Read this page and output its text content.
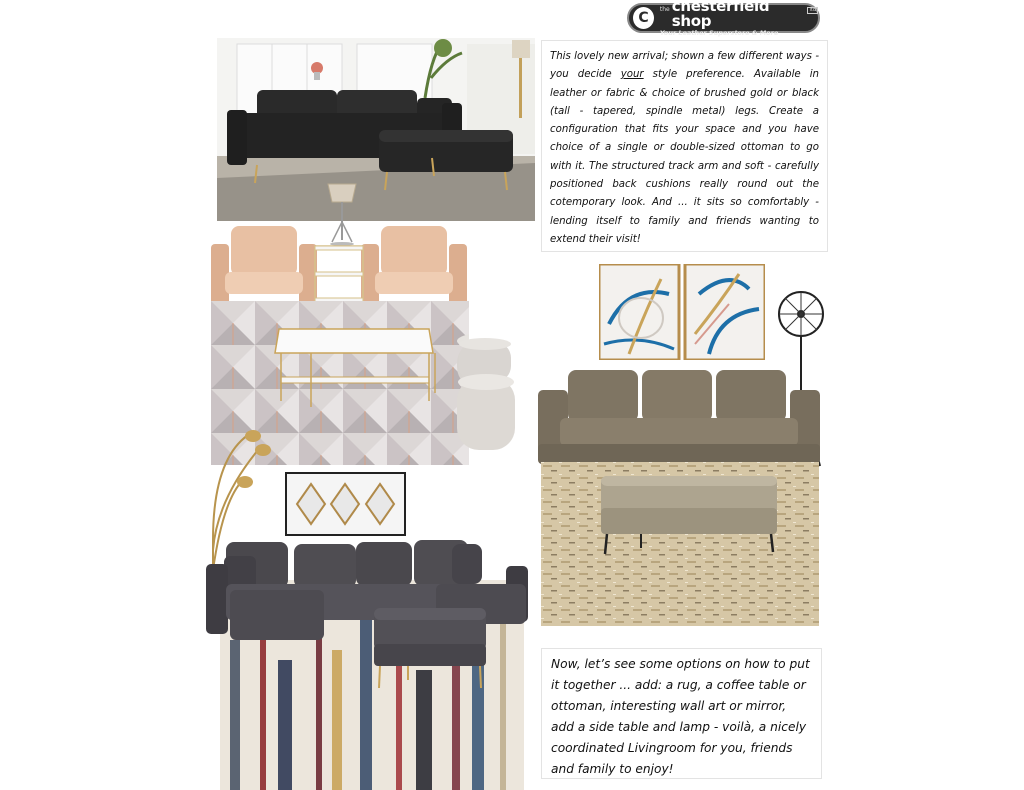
C
the chesterfield shop
ltd
Your Leather Superstore & More
This lovely new arrival; shown a few different ways - you decide your style preference. Available in leather or fabric & choice of brushed gold or black (tall - tapered, spindle metal) legs. Create a configuration that fits your space and you have choice of a single or double-sized ottoman to go with it. The structured track arm and soft - carefully positioned back cushions really round out the cotemporary look. And ... it sits so comfortably - lending itself to family and friends wanting to extend their visit!
Now, let’s see some options on how to put it together ... add: a rug, a coffee table or ottoman, interesting wall art or mirror, add a side table and lamp - voilà, a nicely coordinated Livingroom for you, friends and family to enjoy!
